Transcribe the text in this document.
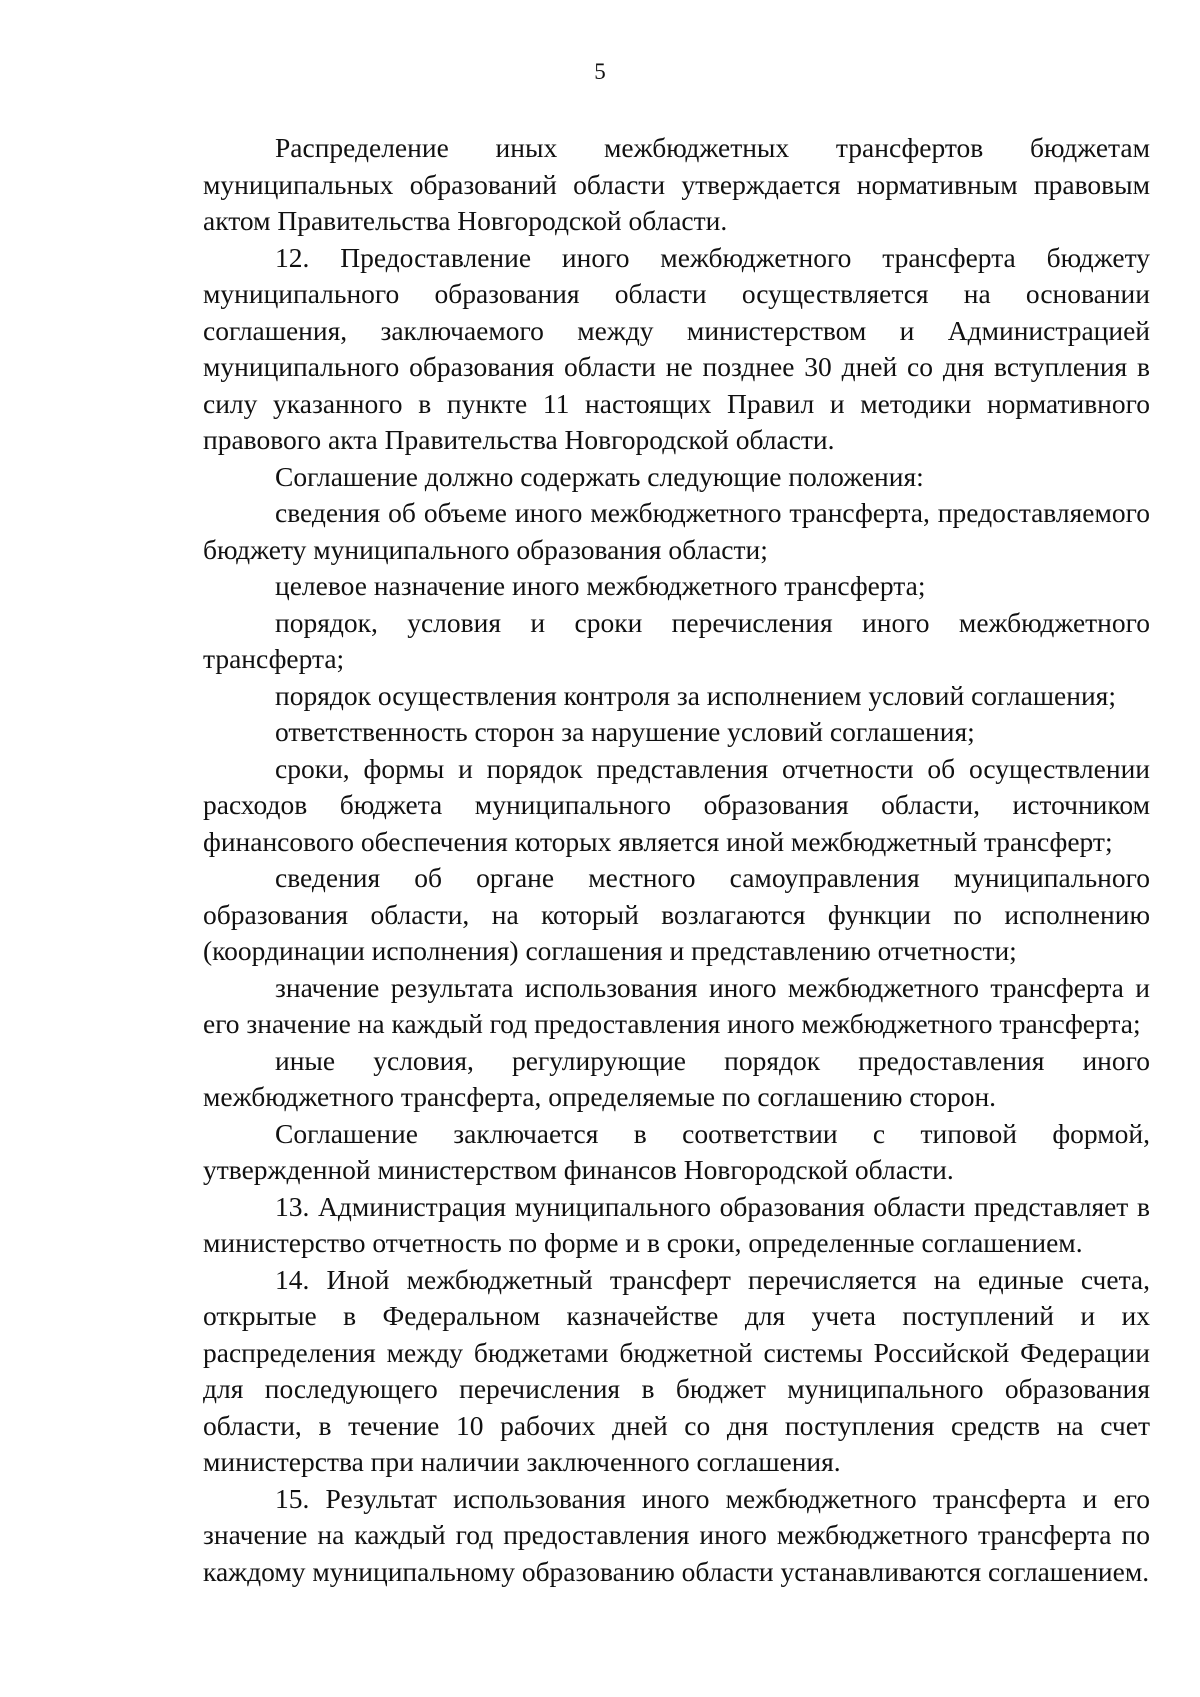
5

Распределение иных межбюджетных трансфертов бюджетам муниципальных образований области утверждается нормативным правовым актом Правительства Новгородской области.

12. Предоставление иного межбюджетного трансферта бюджету муниципального образования области осуществляется на основании соглашения, заключаемого между министерством и Администрацией муниципального образования области не позднее 30 дней со дня вступления в силу указанного в пункте 11 настоящих Правил и методики нормативного правового акта Правительства Новгородской области.

Соглашение должно содержать следующие положения:

сведения об объеме иного межбюджетного трансферта, предоставляемого бюджету муниципального образования области;

целевое назначение иного межбюджетного трансферта;

порядок, условия и сроки перечисления иного межбюджетного трансферта;

порядок осуществления контроля за исполнением условий соглашения;

ответственность сторон за нарушение условий соглашения;

сроки, формы и порядок представления отчетности об осуществлении расходов бюджета муниципального образования области, источником финансового обеспечения которых является иной межбюджетный трансферт;

сведения об органе местного самоуправления муниципального образования области, на который возлагаются функции по исполнению (координации исполнения) соглашения и представлению отчетности;

значение результата использования иного межбюджетного трансферта и его значение на каждый год предоставления иного межбюджетного трансферта;

иные условия, регулирующие порядок предоставления иного межбюджетного трансферта, определяемые по соглашению сторон.

Соглашение заключается в соответствии с типовой формой, утвержденной министерством финансов Новгородской области.

13. Администрация муниципального образования области представляет в министерство отчетность по форме и в сроки, определенные соглашением.

14. Иной межбюджетный трансферт перечисляется на единые счета, открытые в Федеральном казначействе для учета поступлений и их распределения между бюджетами бюджетной системы Российской Федерации для последующего перечисления в бюджет муниципального образования области, в течение 10 рабочих дней со дня поступления средств на счет министерства при наличии заключенного соглашения.

15. Результат использования иного межбюджетного трансферта и его значение на каждый год предоставления иного межбюджетного трансферта по каждому муниципальному образованию области устанавливаются соглашением.
